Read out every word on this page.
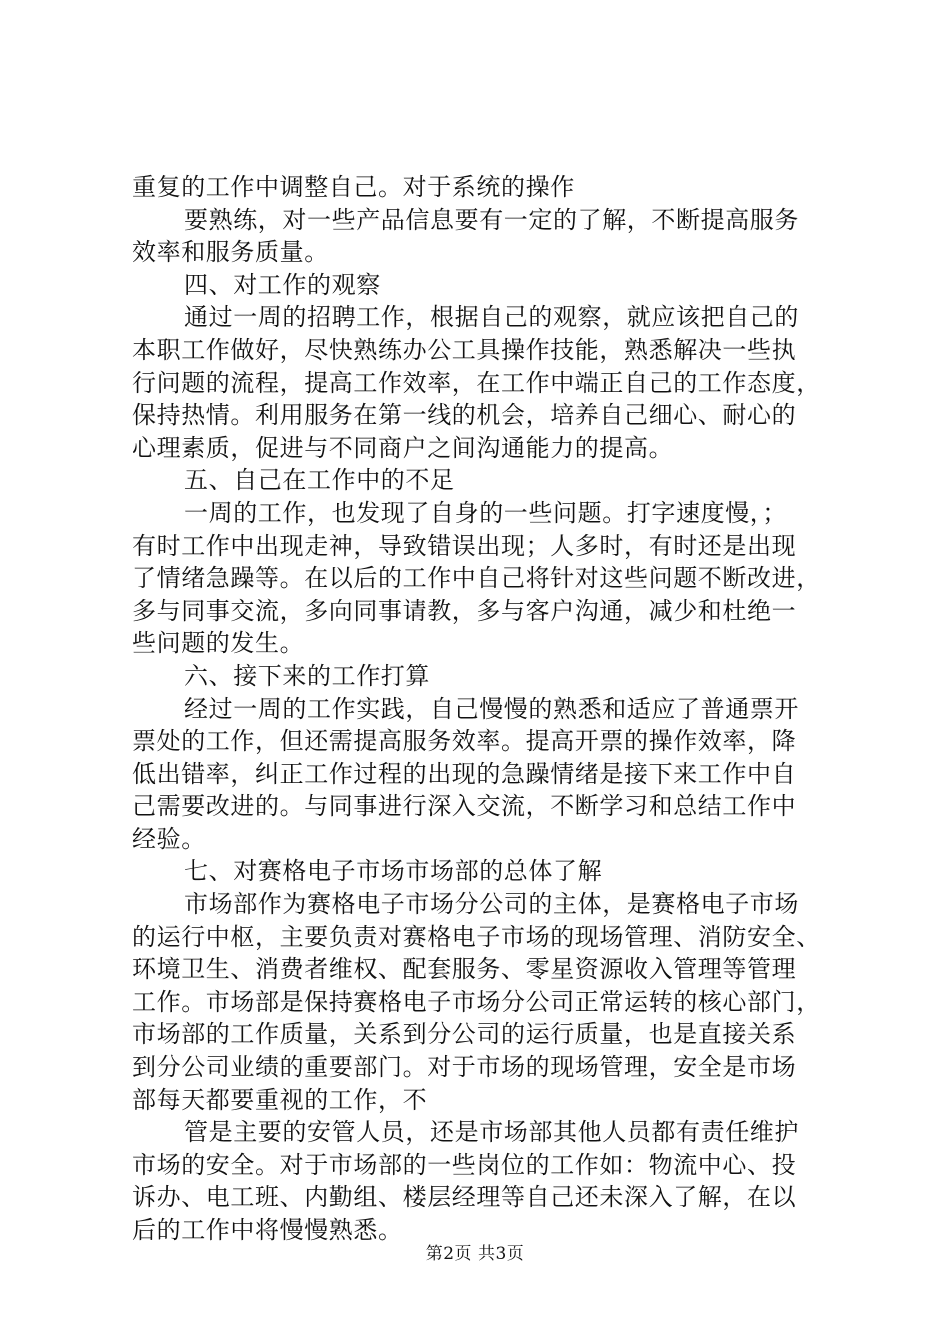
重复的工作中调整自己。对于系统的操作
要熟练，对一些产品信息要有一定的了解，不断提高服务
效率和服务质量。
四、对工作的观察
通过一周的招聘工作，根据自己的观察，就应该把自己的
本职工作做好，尽快熟练办公工具操作技能，熟悉解决一些执
行问题的流程，提高工作效率，在工作中端正自己的工作态度，
保持热情。利用服务在第一线的机会，培养自己细心、耐心的
心理素质，促进与不同商户之间沟通能力的提高。
五、自己在工作中的不足
一周的工作，也发现了自身的一些问题。打字速度慢，；
有时工作中出现走神，导致错误出现；人多时，有时还是出现
了情绪急躁等。在以后的工作中自己将针对这些问题不断改进，
多与同事交流，多向同事请教，多与客户沟通，减少和杜绝一
些问题的发生。
六、接下来的工作打算
经过一周的工作实践，自己慢慢的熟悉和适应了普通票开
票处的工作，但还需提高服务效率。提高开票的操作效率，降
低出错率，纠正工作过程的出现的急躁情绪是接下来工作中自
己需要改进的。与同事进行深入交流，不断学习和总结工作中
经验。
七、对赛格电子市场市场部的总体了解
市场部作为赛格电子市场分公司的主体，是赛格电子市场
的运行中枢，主要负责对赛格电子市场的现场管理、消防安全、
环境卫生、消费者维权、配套服务、零星资源收入管理等管理
工作。市场部是保持赛格电子市场分公司正常运转的核心部门，
市场部的工作质量，关系到分公司的运行质量，也是直接关系
到分公司业绩的重要部门。对于市场的现场管理，安全是市场
部每天都要重视的工作，不
管是主要的安管人员，还是市场部其他人员都有责任维护
市场的安全。对于市场部的一些岗位的工作如：物流中心、投
诉办、电工班、内勤组、楼层经理等自己还未深入了解，在以
后的工作中将慢慢熟悉。
第2页 共3页
